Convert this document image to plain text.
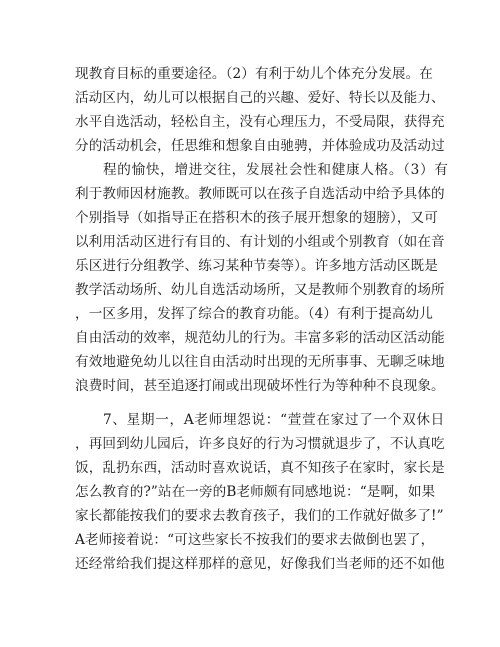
现教育目标的重要途径。（2）有利于幼儿个体充分发展。在
活动区内，幼儿可以根据自己的兴趣、爱好、特长以及能力、
水平自选活动，轻松自主，没有心理压力，不受局限，获得充
分的活动机会，任思维和想象自由驰骋，并体验成功及活动过
程的愉快，增进交往，发展社会性和健康人格。（3）有
利于教师因材施教。教师既可以在孩子自选活动中给予具体的
个别指导（如指导正在搭积木的孩子展开想象的翅膀），又可
以利用活动区进行有目的、有计划的小组或个别教育（如在音
乐区进行分组教学、练习某种节奏等）。许多地方活动区既是
教学活动场所、幼儿自选活动场所，又是教师个别教育的场所
，一区多用，发挥了综合的教育功能。（4）有利于提高幼儿
自由活动的效率，规范幼儿的行为。丰富多彩的活动区活动能
有效地避免幼儿以往自由活动时出现的无所事事、无聊乏味地
浪费时间，甚至追逐打闹或出现破坏性行为等种种不良现象。
7、星期一，A老师埋怨说：“萱萱在家过了一个双休日
，再回到幼儿园后，许多良好的行为习惯就退步了，不认真吃
饭，乱扔东西，活动时喜欢说话，真不知孩子在家时，家长是
怎么教育的?”站在一旁的B老师颇有同感地说：“是啊，如果
家长都能按我们的要求去教育孩子，我们的工作就好做多了!”
A老师接着说：“可这些家长不按我们的要求去做倒也罢了，
还经常给我们提这样那样的意见，好像我们当老师的还不如他
